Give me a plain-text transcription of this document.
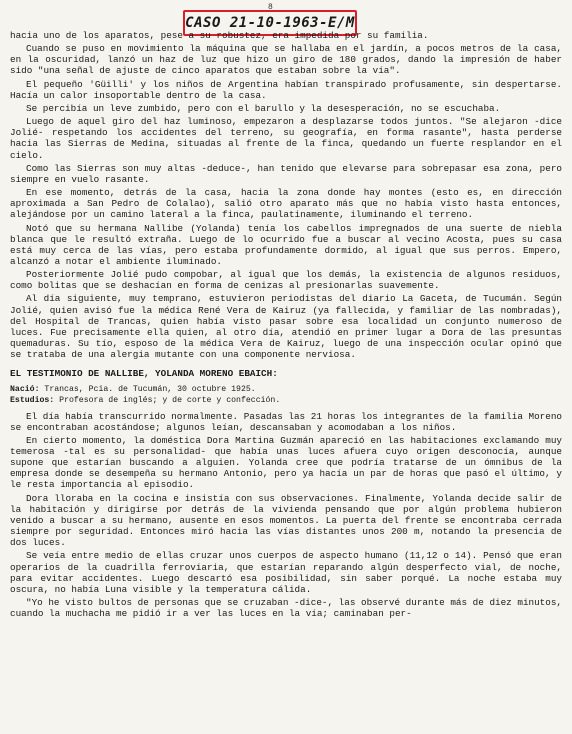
8
CASO 21-10-1963-E/M

hacia uno de los aparatos, pese a su robustez, era impedida por su familia.

Cuando se puso en movimiento la máquina que se hallaba en el jardín, a pocos metros de la casa, en la oscuridad, lanzó un haz de luz que hizo un giro de 180 grados, dando la impresión de haber sido "una señal de ajuste de cinco aparatos que estaban sobre la vía".

El pequeño 'Güilli' y los niños de Argentina habían transpirado profusamente, sin despertarse. Hacía un calor insoportable dentro de la casa.

Se percibía un leve zumbido, pero con el barullo y la desesperación, no se escuchaba.

Luego de aquel giro del haz luminoso, empezaron a desplazarse todos juntos. "Se alejaron -dice Jolié- respetando los accidentes del terreno, su geografía, en forma rasante", hasta perderse hacia las Sierras de Medina, situadas al frente de la finca, quedando un fuerte resplandor en el cielo.

Como las Sierras son muy altas -deduce-, han tenido que elevarse para sobrepasar esa zona, pero siempre en vuelo rasante.

En ese momento, detrás de la casa, hacia la zona donde hay montes (esto es, en dirección aproximada a San Pedro de Colalao), salió otro aparato más que no había visto hasta entonces, alejándose por un camino lateral a la finca, paulatinamente, iluminando el terreno.

Notó que su hermana Nallibe (Yolanda) tenía los cabellos impregnados de una suerte de niebla blanca que le resultó extraña. Luego de lo ocurrido fue a buscar al vecino Acosta, pues su casa está muy cerca de las vías, pero estaba profundamente dormido, al igual que sus perros. Empero, alcanzó a notar el ambiente iluminado.

Posteriormente Jolié pudo compobar, al igual que los demás, la existencia de algunos residuos, como bolitas que se deshacían en forma de cenizas al presionarlas suavemente.

Al día siguiente, muy temprano, estuvieron periodistas del diario La Gaceta, de Tucumán. Según Jolié, quien avisó fue la médica René Vera de Kairuz (ya fallecida, y familiar de las nombradas), del Hospital de Trancas, quien había visto pasar sobre esa localidad un conjunto numeroso de luces. Fue precisamente ella quien, al otro día, atendió en primer lugar a Dora de las presuntas quemaduras. Su tío, esposo de la médica Vera de Kairuz, luego de una inspección ocular opinó que se trataba de una alergia mutante con una componente nerviosa.

EL TESTIMONIO DE NALLIBE, YOLANDA MORENO EBAICH:
Nació: Trancas, Pcia. de Tucumán, 30 octubre 1925.
Estudios: Profesora de inglés; y de corte y confección.

El día había transcurrido normalmente. Pasadas las 21 horas los integrantes de la familia Moreno se encontraban acostándose; algunos leían, descansaban y acomodaban a los niños.

En cierto momento, la doméstica Dora Martina Guzmán apareció en las habitaciones exclamando muy temerosa -tal es su personalidad- que había unas luces afuera cuyo origen desconocía, aunque supone que estarían buscando a alguien. Yolanda cree que podría tratarse de un ómnibus de la empresa donde se desempeña su hermano Antonio, pero ya hacía un par de horas que pasó el último, y le resta importancia al episodio.

Dora lloraba en la cocina e insistía con sus observaciones. Finalmente, Yolanda decide salir de la habitación y dirigirse por detrás de la vivienda pensando que por algún problema hubieron venido a buscar a su hermano, ausente en esos momentos. La puerta del frente se encontraba cerrada siempre por seguridad. Entonces miró hacia las vías distantes unos 200 m, notando la presencia de dos luces.

Se veía entre medio de ellas cruzar unos cuerpos de aspecto humano (11,12 o 14). Pensó que eran operarios de la cuadrilla ferroviaria, que estarían reparando algún desperfecto vial, de noche, para evitar accidentes. Luego descartó esa posibilidad, sin saber porqué. La noche estaba muy oscura, no había Luna visible y la temperatura cálida.

"Yo he visto bultos de personas que se cruzaban -dice-, las observé durante más de diez minutos, cuando la muchacha me pidió ir a ver las luces en la vía; caminaban per-
